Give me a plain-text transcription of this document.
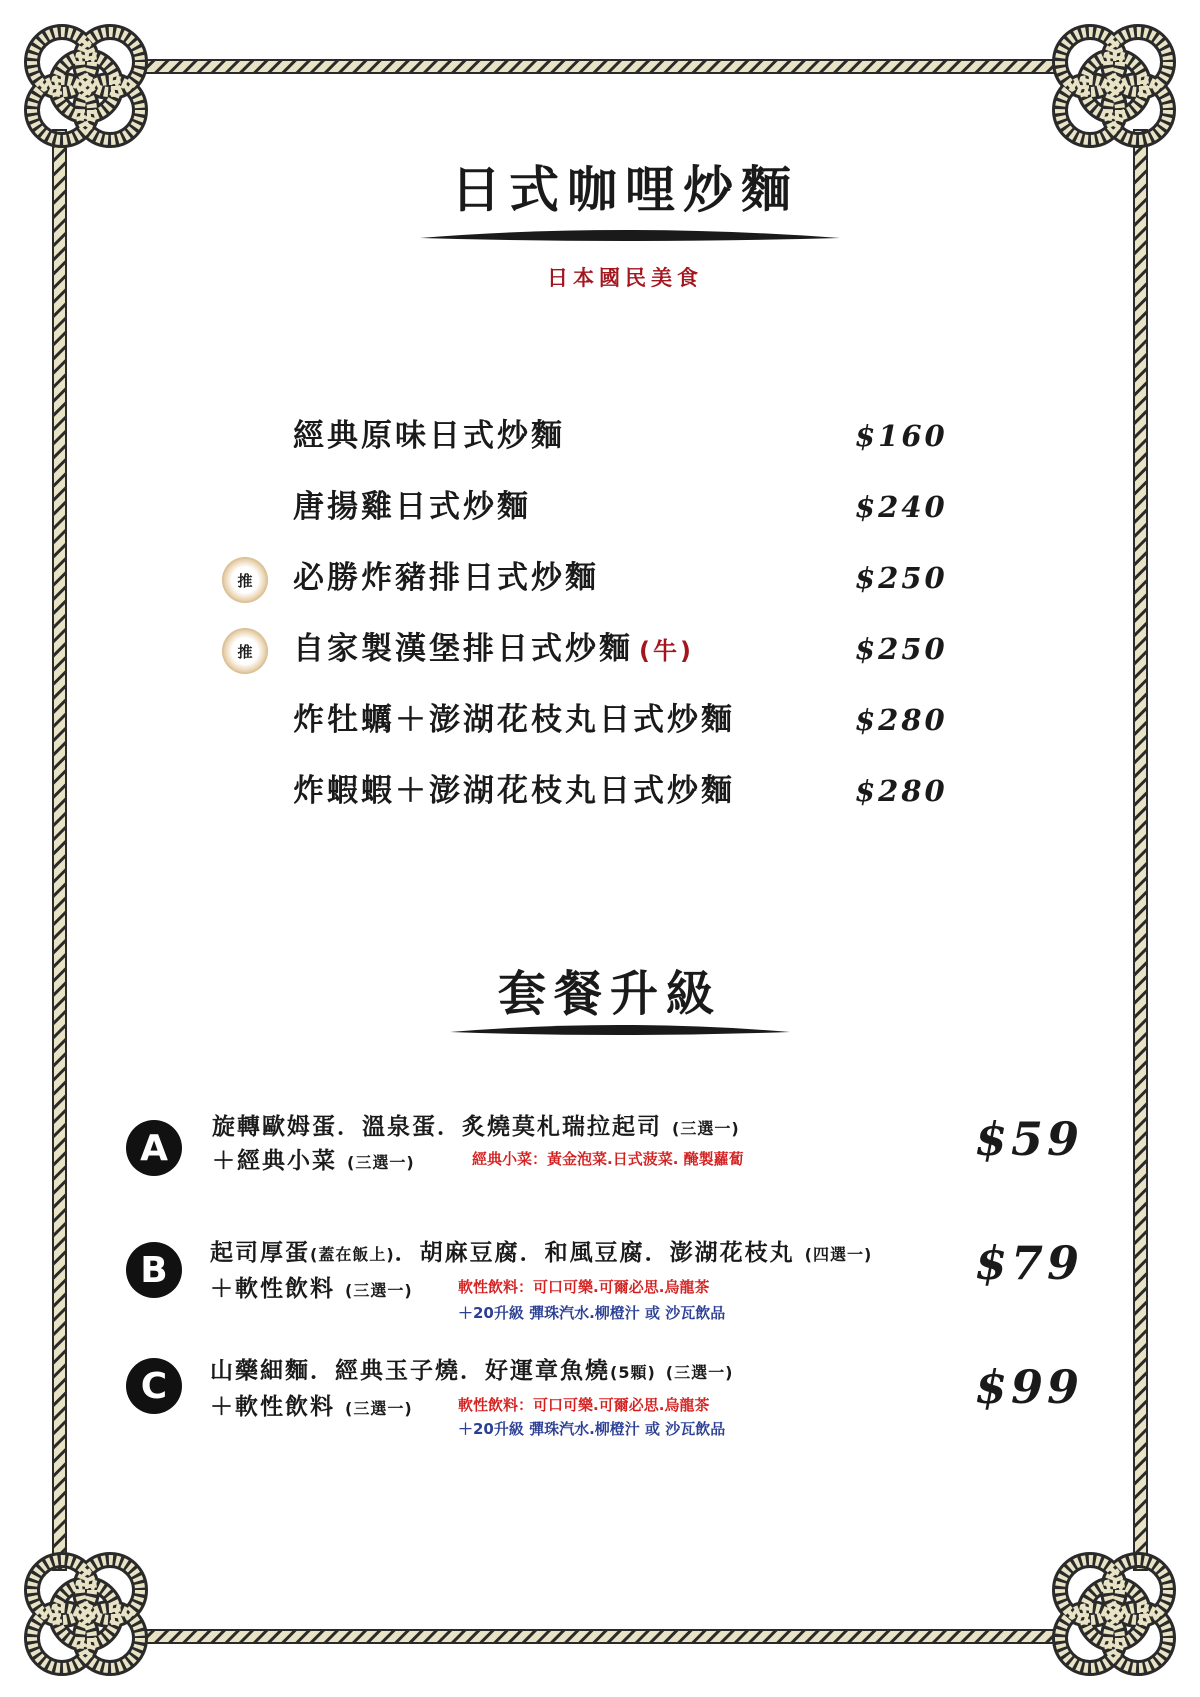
日式咖哩炒麵
日本國民美食
經典原味日式炒麵	$160
唐揚雞日式炒麵	$240
推 必勝炸豬排日式炒麵	$250
推 自家製漢堡排日式炒麵 (牛)	$250
炸牡蠣＋澎湖花枝丸日式炒麵	$280
炸蝦蝦＋澎湖花枝丸日式炒麵	$280
套餐升級
A
旋轉歐姆蛋．溫泉蛋．炙燒莫札瑞拉起司 (三選一)
＋經典小菜 (三選一)	經典小菜：黃金泡菜.日式菠菜. 醃製蘿蔔	$59
B	起司厚蛋(蓋在飯上)．胡麻豆腐．和風豆腐．澎湖花枝丸 (四選一)
＋軟性飲料 (三選一)	軟性飲料：可口可樂.可爾必思.烏龍茶
＋20升級 彈珠汽水.柳橙汁 或 沙瓦飲品
$79
C	山藥細麵．經典玉子燒．好運章魚燒(5顆) (三選一)
＋軟性飲料 (三選一)	軟性飲料：可口可樂.可爾必思.烏龍茶
＋20升級 彈珠汽水.柳橙汁 或 沙瓦飲品
$99
